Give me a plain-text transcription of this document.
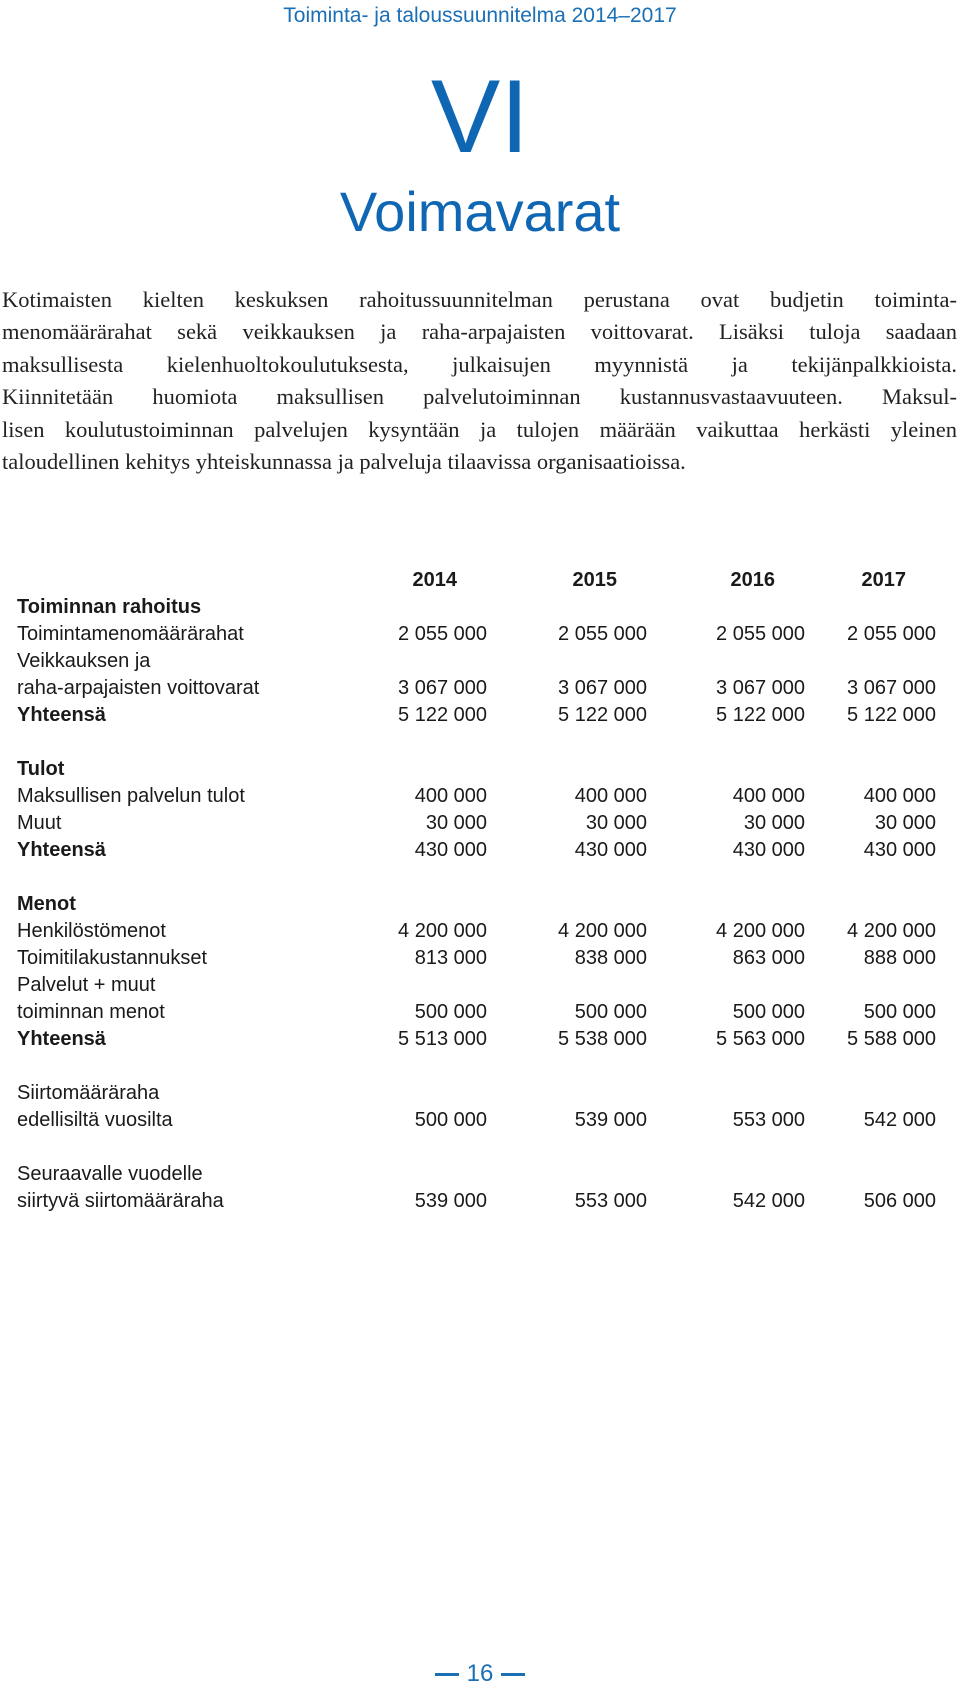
Toiminta- ja taloussuunnitelma 2014–2017
VI
Voimavarat

Kotimaisten kielten keskuksen rahoitussuunnitelman perustana ovat budjetin toiminta-
menomäärärahat sekä veikkauksen ja raha-arpajaisten voittovarat. Lisäksi tuloja saadaan
maksullisesta kielenhuoltokoulutuksesta, julkaisujen myynnistä ja tekijänpalkkioista.
Kiinnitetään huomiota maksullisen palvelutoiminnan kustannusvastaavuuteen. Maksul-
lisen koulutustoiminnan palvelujen kysyntään ja tulojen määrään vaikuttaa herkästi yleinen
taloudellinen kehitys yhteiskunnassa ja palveluja tilaavissa organisaatioissa.

	2014	2015	2016	2017
Toiminnan rahoitus				
Toimintamenomäärärahat	2 055 000	2 055 000	2 055 000	2 055 000
Veikkauksen ja				
raha-arpajaisten voittovarat	3 067 000	3 067 000	3 067 000	3 067 000
Yhteensä	5 122 000	5 122 000	5 122 000	5 122 000

Tulot				
Maksullisen palvelun tulot	400 000	400 000	400 000	400 000
Muut	30 000	30 000	30 000	30 000
Yhteensä	430 000	430 000	430 000	430 000

Menot				
Henkilöstömenot	4 200 000	4 200 000	4 200 000	4 200 000
Toimitilakustannukset	813 000	838 000	863 000	888 000
Palvelut + muut				
toiminnan menot	500 000	500 000	500 000	500 000
Yhteensä	5 513 000	5 538 000	5 563 000	5 588 000

Siirtomääräraha				
edellisiltä vuosilta	500 000	539 000	553 000	542 000

Seuraavalle vuodelle				
siirtyvä siirtomääräraha	539 000	553 000	542 000	506 000
16
